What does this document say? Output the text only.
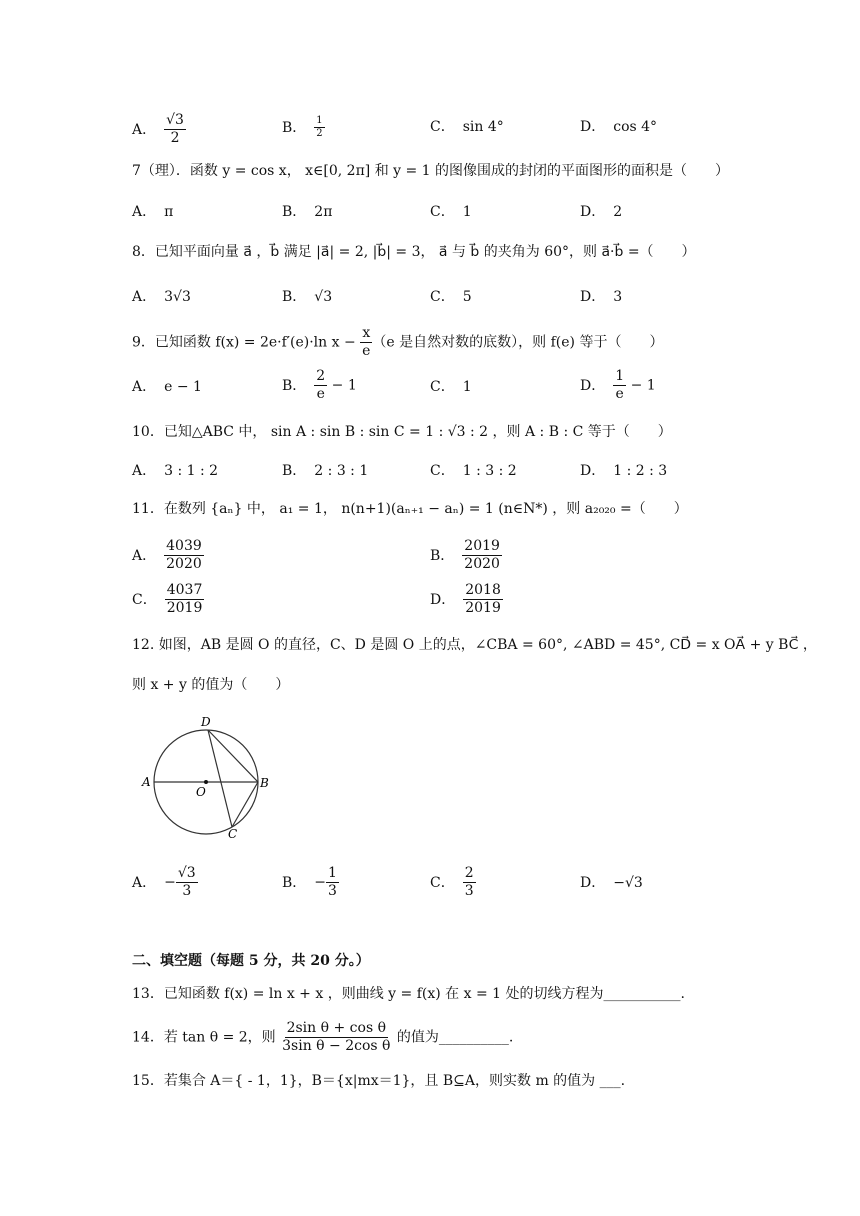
A． $\frac{√3}{2}$	B． $\frac{1}{2}$	C． sin 4°	D． cos 4°
7（理）．函数 y = cos x， x∈[0, 2π] 和 y = 1 的图像围成的封闭的平面图形的面积是（　　）
A． π	B． 2π	C． 1	D． 2
8．已知平面向量 a⃗ ，b⃗ 满足 |a⃗| = 2, |b⃗| = 3， a⃗ 与 b⃗ 的夹角为 60°，则 a⃗·b⃗ =（　　）
A． 3√3	B． √3	C． 5	D． 3
9．已知函数 f(x) = 2e·f′(e)·ln $x - \frac{x}{e} (e$ 是自然对数的底数），则 f(e) 等于（　　）
A． e − 1	B． $\frac{2}{e} - 1$	C． 1	D． $\frac{1}{e} - 1$
10．已知△ABC 中， sin A : sin B : sin C = 1 : √3 : 2 ，则 A : B : C 等于（　　）
A． 3 : 1 : 2	B． 2 : 3 : 1	C． 1 : 3 : 2	D． 1 : 2 : 3
11．在数列 {aₙ} 中， a₁ = 1， n(n+1)(aₙ₊₁ − aₙ) = 1 (n∈N*) ，则 a₂₀₂₀ =（　　）
A． $\frac{4039}{2020}$	B． $\frac{2019}{2020}$
C． $\frac{4037}{2019}$	D． $\frac{2018}{2019}$
12. 如图，AB 是圆 O 的直径，C、D 是圆 O 上的点，∠CBA = 60°, ∠ABD = 45°, CD⃗ = x OA⃗ + y BC⃗ ，
则 x + y 的值为（　　）
D
A	B
O
C
A． − $\frac{√3}{3}$	B． − $\frac{1}{3}$	C． $\frac{2}{3}$	D． −√3
二、填空题（每题 5 分，共 20 分。）
13．已知函数 f(x) = ln x + x ，则曲线 y = f(x) 在 x = 1 处的切线方程为___________.
14．若 tan θ = 2，则 $\frac{\text{2sin θ + cos θ}}{\text{3sin θ − 2cos θ}}$ 的值为__________.
15．若集合 A＝{ - 1，1}，B＝{x|mx＝1}，且 B⊆A，则实数 m 的值为 ___.
